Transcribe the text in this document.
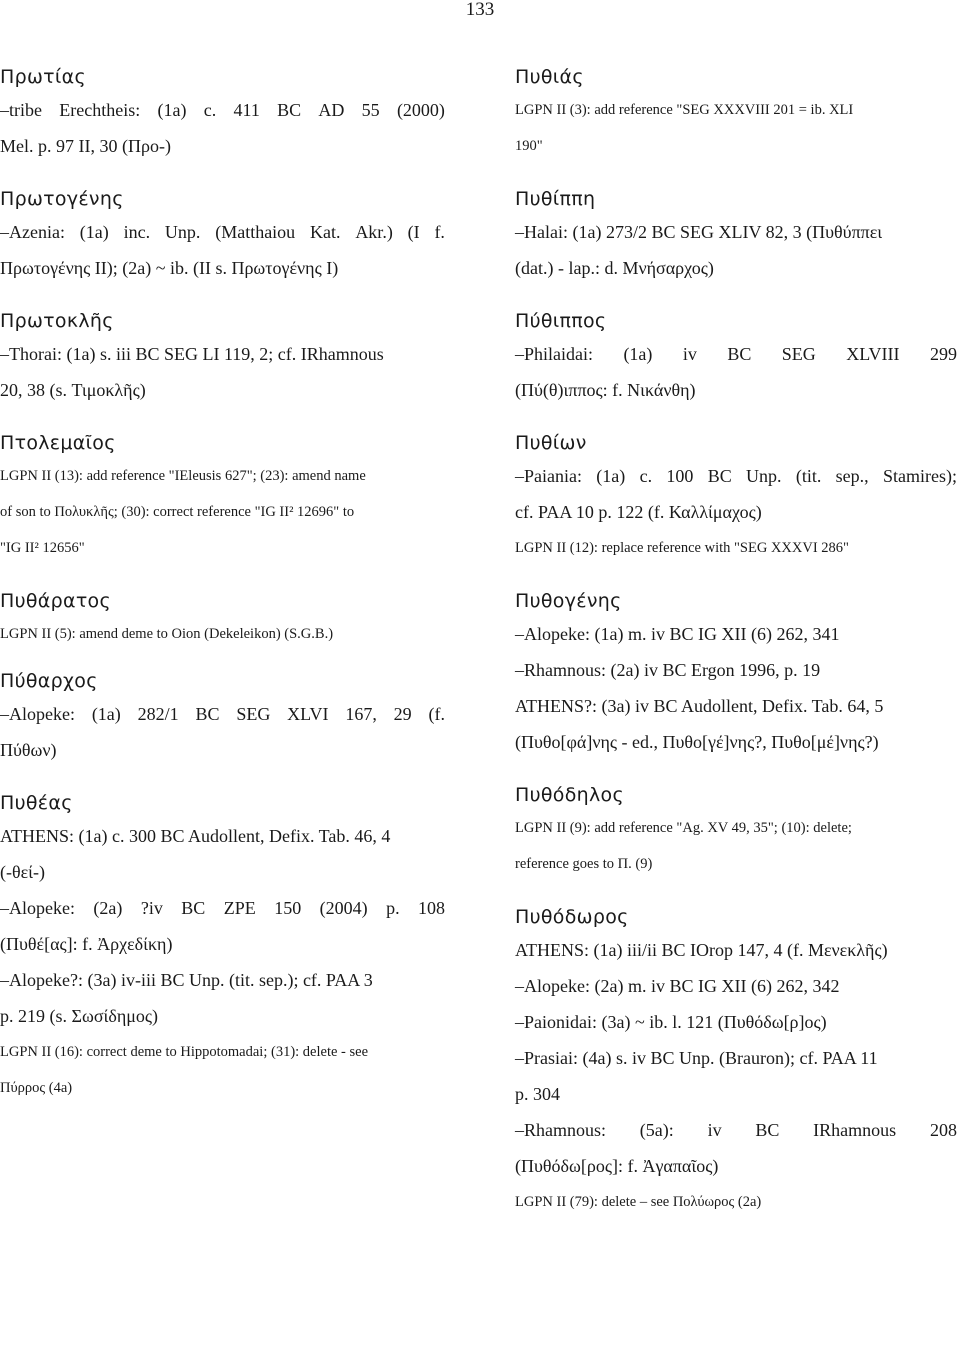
133
Πρωτίας
–tribe Erechtheis: (1a) c. 411 BC AD 55 (2000)
Mel. p. 97 II, 30 (Προ-)
Πρωτογένης
–Azenia: (1a) inc. Unp. (Matthaiou Kat. Akr.) (I f.
Πρωτογένης II); (2a) ~ ib. (II s. Πρωτογένης I)
Πρωτοκλῆς
–Thorai: (1a) s. iii BC SEG LI 119, 2; cf. IRhamnous
20, 38 (s. Τιμοκλῆς)
Πτολεμαῖος
LGPN II (13): add reference "IEleusis 627"; (23): amend name
of son to Πολυκλῆς; (30): correct reference "IG II² 12696" to
"IG II² 12656"
Πυθάρατος
LGPN II (5): amend deme to Oion (Dekeleikon) (S.G.B.)
Πύθαρχος
–Alopeke: (1a) 282/1 BC SEG XLVI 167, 29 (f.
Πύθων)
Πυθέας
ATHENS: (1a) c. 300 BC Audollent, Defix. Tab. 46, 4
(-θεί-)
–Alopeke: (2a) ?iv BC ZPE 150 (2004) p. 108
(Πυθέ[ας]: f. Ἀρχεδίκη)
–Alopeke?: (3a) iv-iii BC Unp. (tit. sep.); cf. PAA 3
p. 219 (s. Σωσίδημος)
LGPN II (16): correct deme to Hippotomadai; (31): delete - see
Πύρρος (4a)
Πυθιάς
LGPN II (3): add reference "SEG XXXVIII 201 = ib. XLI
190"
Πυθίππη
–Halai: (1a) 273/2 BC SEG XLIV 82, 3 (Πυθύππει
(dat.) - lap.: d. Μνήσαρχος)
Πύθιππος
–Philaidai: (1a) iv BC SEG XLVIII 299
(Πύ(θ)ιππος: f. Νικάνθη)
Πυθίων
–Paiania: (1a) c. 100 BC Unp. (tit. sep., Stamires);
cf. PAA 10 p. 122 (f. Καλλίμαχος)
LGPN II (12): replace reference with "SEG XXXVI 286"
Πυθογένης
–Alopeke: (1a) m. iv BC IG XII (6) 262, 341
–Rhamnous: (2a) iv BC Ergon 1996, p. 19
ATHENS?: (3a) iv BC Audollent, Defix. Tab. 64, 5
(Πυθο[φά]νης - ed., Πυθο[γέ]νης?, Πυθο[μέ]νης?)
Πυθόδηλος
LGPN II (9): add reference "Ag. XV 49, 35"; (10): delete;
reference goes to Π. (9)
Πυθόδωρος
ATHENS: (1a) iii/ii BC IOrop 147, 4 (f. Μενεκλῆς)
–Alopeke: (2a) m. iv BC IG XII (6) 262, 342
–Paionidai: (3a) ~ ib. l. 121 (Πυθόδω[ρ]ος)
–Prasiai: (4a) s. iv BC Unp. (Brauron); cf. PAA 11
p. 304
–Rhamnous: (5a): iv BC IRhamnous 208
(Πυθόδω[ρος]: f. Ἀγαπαῖος)
LGPN II (79): delete – see Πολύωρος (2a)
